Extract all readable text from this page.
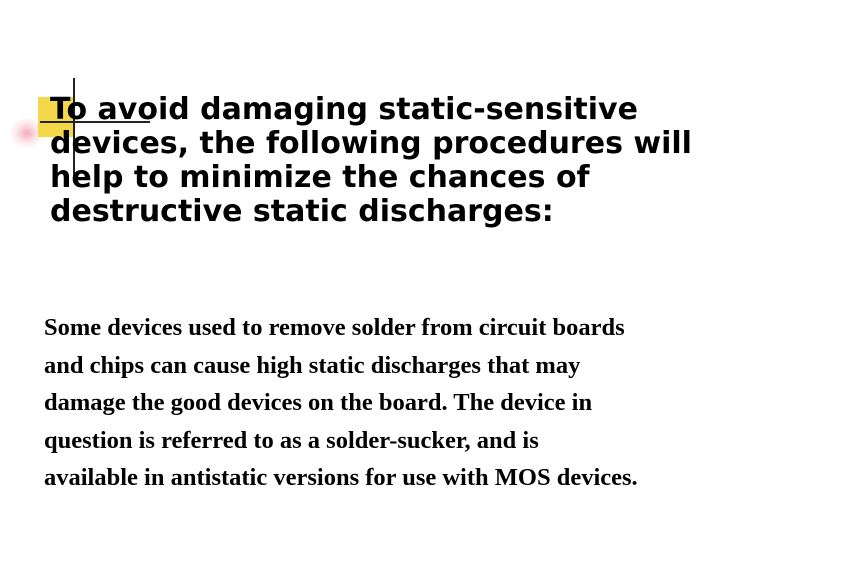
To avoid damaging static-sensitive
devices, the following procedures will
help to minimize the chances of
destructive static discharges:

Some devices used to remove solder from circuit boards
and chips can cause high static discharges that may
damage the good devices on the board. The device in
question is referred to as a solder-sucker, and is
available in antistatic versions for use with MOS devices.
